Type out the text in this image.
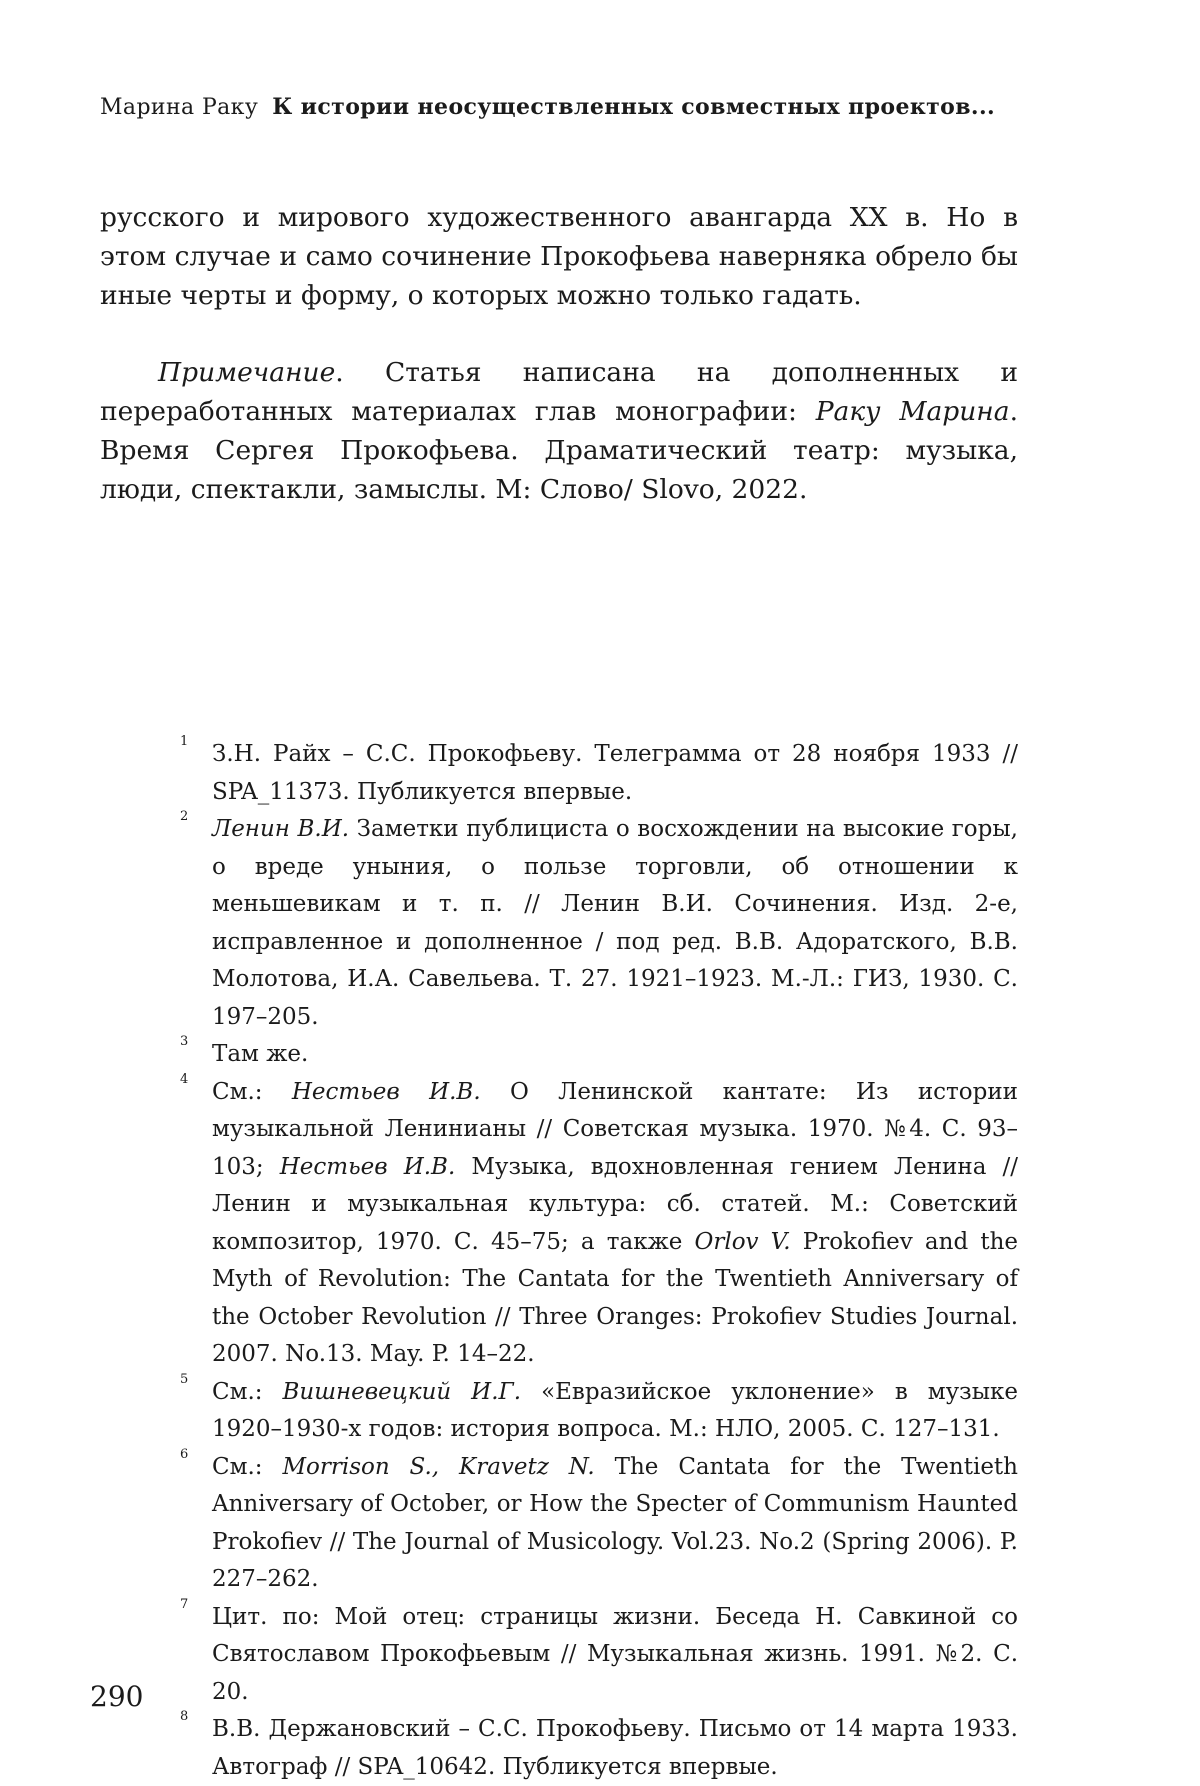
Марина Раку К истории неосуществленных совместных проектов...

русского и мирового художественного авангарда XX в. Но в этом случае и само сочинение Прокофьева наверняка обрело бы иные черты и форму, о которых можно только гадать.

Примечание. Статья написана на дополненных и переработанных материалах глав монографии: Раку Марина. Время Сергея Прокофьева. Драматический театр: музыка, люди, спектакли, замыслы. М: Слово/ Slovo, 2022.

1 З.Н. Райх – С.С. Прокофьеву. Телеграмма от 28 ноября 1933 // SPA_11373. Публикуется впервые.

2 Ленин В.И. Заметки публициста о восхождении на высокие горы, о вреде уныния, о пользе торговли, об отношении к меньшевикам и т. п. // Ленин В.И. Сочинения. Изд. 2-е, исправленное и дополненное / под ред. В.В. Адоратского, В.В. Молотова, И.А. Савельева. Т. 27. 1921–1923. М.-Л.: ГИЗ, 1930. С. 197–205.

3 Там же.

4 См.: Нестьев И.В. О Ленинской кантате: Из истории музыкальной Ленинианы // Советская музыка. 1970. №4. С. 93–103; Нестьев И.В. Музыка, вдохновленная гением Ленина // Ленин и музыкальная культура: сб. статей. М.: Советский композитор, 1970. С. 45–75; а также Orlov V. Prokofiev and the Myth of Revolution: The Cantata for the Twentieth Anniversary of the October Revolution // Three Oranges: Prokofiev Studies Journal. 2007. No.13. May. P. 14–22.

5 См.: Вишневецкий И.Г. «Евразийское уклонение» в музыке 1920–1930-х годов: история вопроса. М.: НЛО, 2005. С. 127–131.

6 См.: Morrison S., Kravetz N. The Cantata for the Twentieth Anniversary of October, or How the Specter of Communism Haunted Prokofiev // The Journal of Musicology. Vol.23. No.2 (Spring 2006). P. 227–262.

7 Цит. по: Мой отец: страницы жизни. Беседа Н. Савкиной со Святославом Прокофьевым // Музыкальная жизнь. 1991. №2. С. 20.

8 В.В. Держановский – С.С. Прокофьеву. Письмо от 14 марта 1933. Автограф // SPA_10642. Публикуется впервые.

290
